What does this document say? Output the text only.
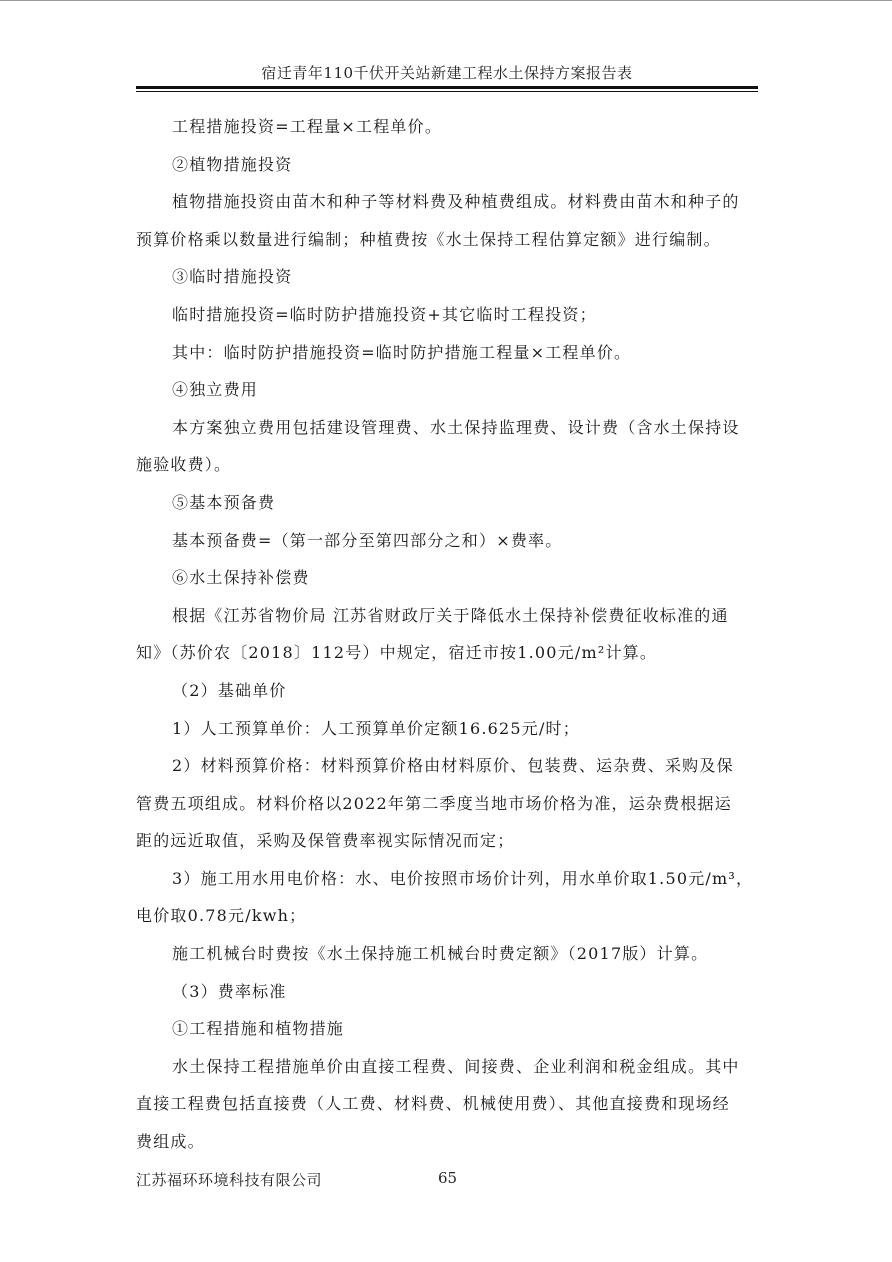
宿迁青年110千伏开关站新建工程水土保持方案报告表

工程措施投资=工程量×工程单价。

②植物措施投资

植物措施投资由苗木和种子等材料费及种植费组成。材料费由苗木和种子的

预算价格乘以数量进行编制；种植费按《水土保持工程估算定额》进行编制。

③临时措施投资

临时措施投资=临时防护措施投资+其它临时工程投资；

其中：临时防护措施投资=临时防护措施工程量×工程单价。

④独立费用

本方案独立费用包括建设管理费、水土保持监理费、设计费（含水土保持设

施验收费）。

⑤基本预备费

基本预备费=（第一部分至第四部分之和）×费率。

⑥水土保持补偿费

根据《江苏省物价局 江苏省财政厅关于降低水土保持补偿费征收标准的通

知》（苏价农〔2018〕112号）中规定，宿迁市按1.00元/m²计算。

（2）基础单价

1）人工预算单价：人工预算单价定额16.625元/时；

2）材料预算价格：材料预算价格由材料原价、包装费、运杂费、采购及保

管费五项组成。材料价格以2022年第二季度当地市场价格为准，运杂费根据运

距的远近取值，采购及保管费率视实际情况而定；

3）施工用水用电价格：水、电价按照市场价计列，用水单价取1.50元/m³，

电价取0.78元/kwh；

施工机械台时费按《水土保持施工机械台时费定额》（2017版）计算。

（3）费率标准

①工程措施和植物措施

水土保持工程措施单价由直接工程费、间接费、企业利润和税金组成。其中

直接工程费包括直接费（人工费、材料费、机械使用费）、其他直接费和现场经

费组成。

江苏福环环境科技有限公司	65
